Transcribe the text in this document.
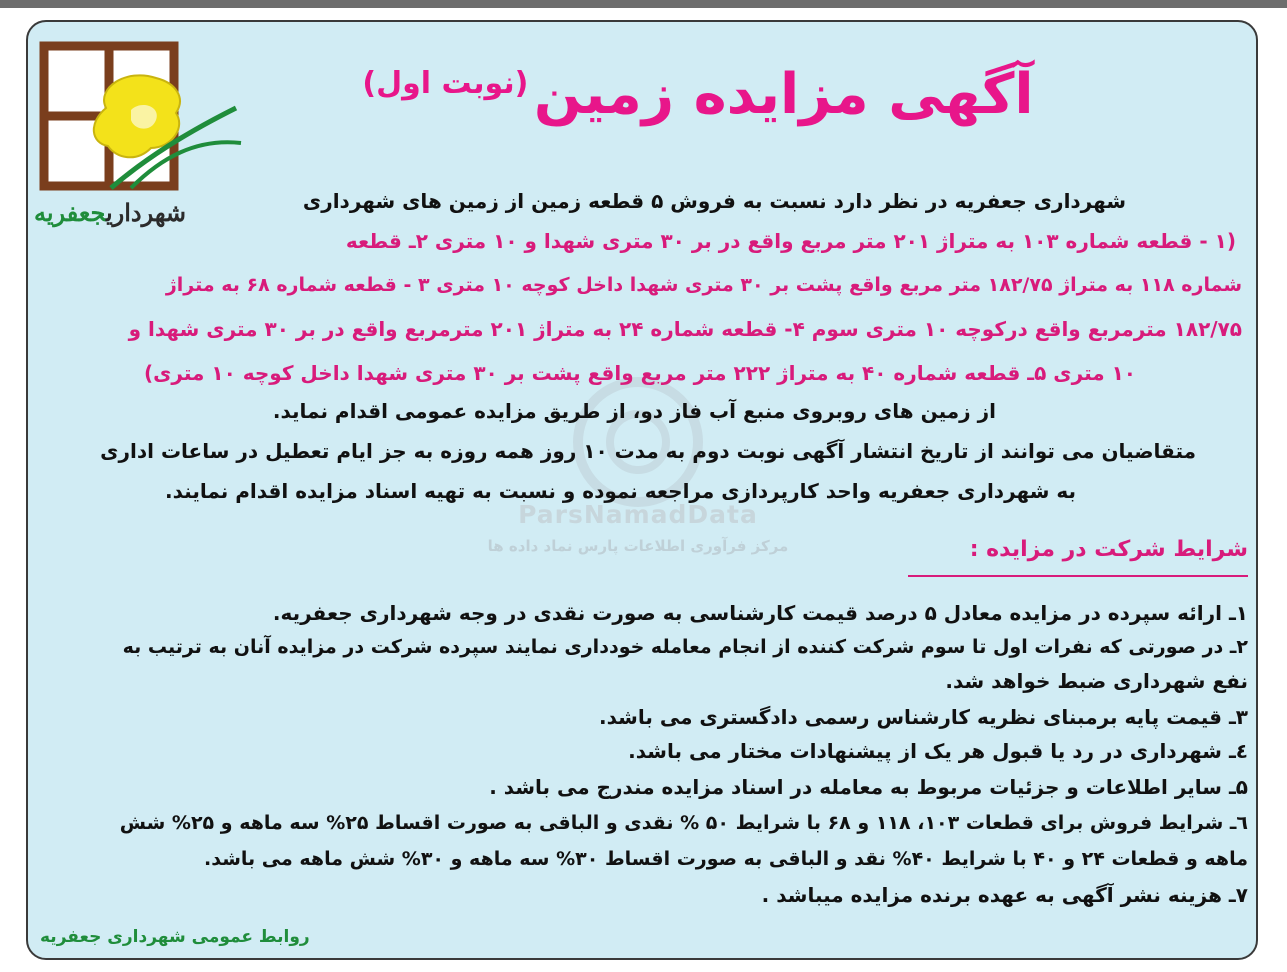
شهرداریجعفریه
آگهی مزایده زمین (نوبت اول)
ParsNamadData
مرکز فرآوری اطلاعات پارس نماد داده ها
شهرداری جعفریه در نظر دارد نسبت به فروش ۵ قطعه زمین از زمین های شهرداری
(۱ - قطعه شماره ۱۰۳ به متراژ ۲۰۱ متر مربع واقع در بر ۳۰ متری شهدا و ۱۰ متری ۲ـ قطعه
شماره ۱۱۸ به متراژ ۱۸۲/۷۵ متر مربع واقع پشت بر ۳۰ متری شهدا داخل کوچه ۱۰ متری ۳ - قطعه شماره ۶۸ به متراژ
۱۸۲/۷۵ مترمربع واقع درکوچه ۱۰ متری سوم ۴- قطعه شماره ۲۴ به متراژ ۲۰۱ مترمربع واقع در بر ۳۰ متری شهدا و
۱۰ متری ۵ـ قطعه شماره ۴۰ به متراژ ۲۲۲ متر مربع واقع پشت بر ۳۰ متری شهدا داخل کوچه ۱۰ متری)
از زمین های روبروی منبع آب فاز دو، از طریق مزایده عمومی اقدام نماید.
متقاضیان می توانند از تاریخ انتشار آگهی نوبت دوم به مدت ۱۰ روز همه روزه به جز ایام تعطیل در ساعات اداری
به شهرداری جعفریه واحد کارپردازی مراجعه نموده و نسبت به تهیه اسناد مزایده اقدام نمایند.
شرایط شرکت در مزایده :
۱ـ ارائه سپرده در مزایده معادل ۵ درصد قیمت کارشناسی به صورت نقدی در وجه شهرداری جعفریه.
۲ـ در صورتی که نفرات اول تا سوم شرکت کننده از انجام معامله خودداری نمایند سپرده شرکت در مزایده آنان به ترتیب به
نفع شهرداری ضبط خواهد شد.
۳ـ قیمت پایه برمبنای نظریه کارشناس رسمی دادگستری می باشد.
٤ـ شهرداری در رد یا قبول هر یک از پیشنهادات مختار می باشد.
۵ـ سایر اطلاعات و جزئیات مربوط به معامله در اسناد مزایده مندرج می باشد .
٦ـ شرایط فروش برای قطعات ۱۰۳، ۱۱۸ و ۶۸ با شرایط ۵۰ % نقدی و الباقی به صورت اقساط ۲۵% سه ماهه و ۲۵% شش
ماهه و قطعات ۲۴ و ۴۰ با شرایط ۴۰% نقد و الباقی به صورت اقساط ۳۰% سه ماهه و ۳۰% شش ماهه می باشد.
۷ـ هزینه نشر آگهی به عهده برنده مزایده میباشد .
روابط عمومی شهرداری جعفریه
